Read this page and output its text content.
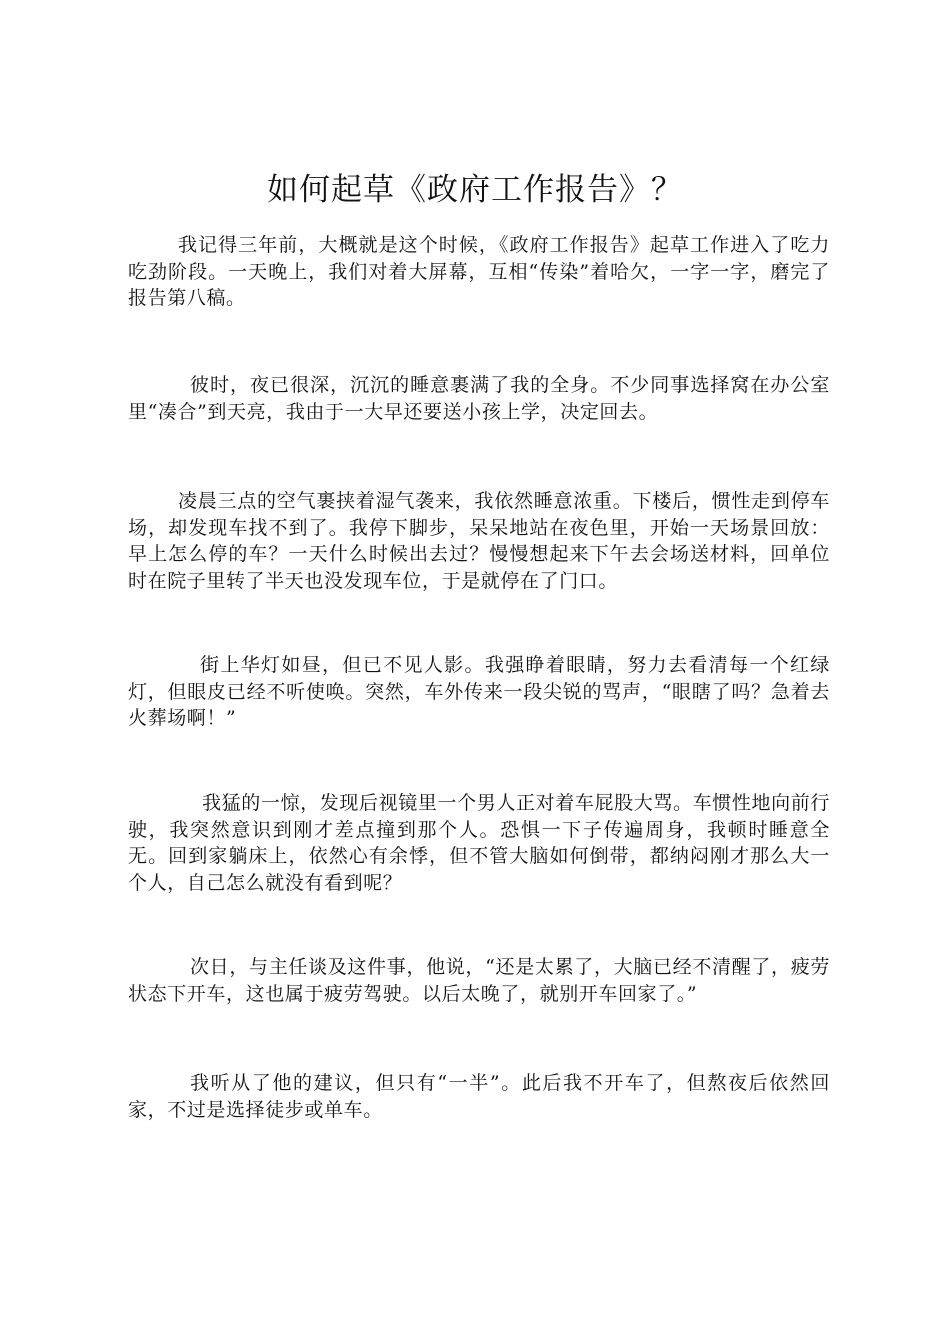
如何起草《政府工作报告》？

我记得三年前，大概就是这个时候，《政府工作报告》起草工作进入了吃力吃劲阶段。一天晚上，我们对着大屏幕，互相“传染”着哈欠，一字一字，磨完了报告第八稿。

彼时，夜已很深，沉沉的睡意裹满了我的全身。不少同事选择窝在办公室里“凑合”到天亮，我由于一大早还要送小孩上学，决定回去。

凌晨三点的空气裹挟着湿气袭来，我依然睡意浓重。下楼后，惯性走到停车场，却发现车找不到了。我停下脚步，呆呆地站在夜色里，开始一天场景回放：早上怎么停的车？一天什么时候出去过？慢慢想起来下午去会场送材料，回单位时在院子里转了半天也没发现车位，于是就停在了门口。

街上华灯如昼，但已不见人影。我强睁着眼睛，努力去看清每一个红绿灯，但眼皮已经不听使唤。突然，车外传来一段尖锐的骂声，“眼瞎了吗？急着去火葬场啊！”

我猛的一惊，发现后视镜里一个男人正对着车屁股大骂。车惯性地向前行驶，我突然意识到刚才差点撞到那个人。恐惧一下子传遍周身，我顿时睡意全无。回到家躺床上，依然心有余悸，但不管大脑如何倒带，都纳闷刚才那么大一个人，自己怎么就没有看到呢？

次日，与主任谈及这件事，他说，“还是太累了，大脑已经不清醒了，疲劳状态下开车，这也属于疲劳驾驶。以后太晚了，就别开车回家了。”

我听从了他的建议，但只有“一半”。此后我不开车了，但熬夜后依然回家，不过是选择徒步或单车。
